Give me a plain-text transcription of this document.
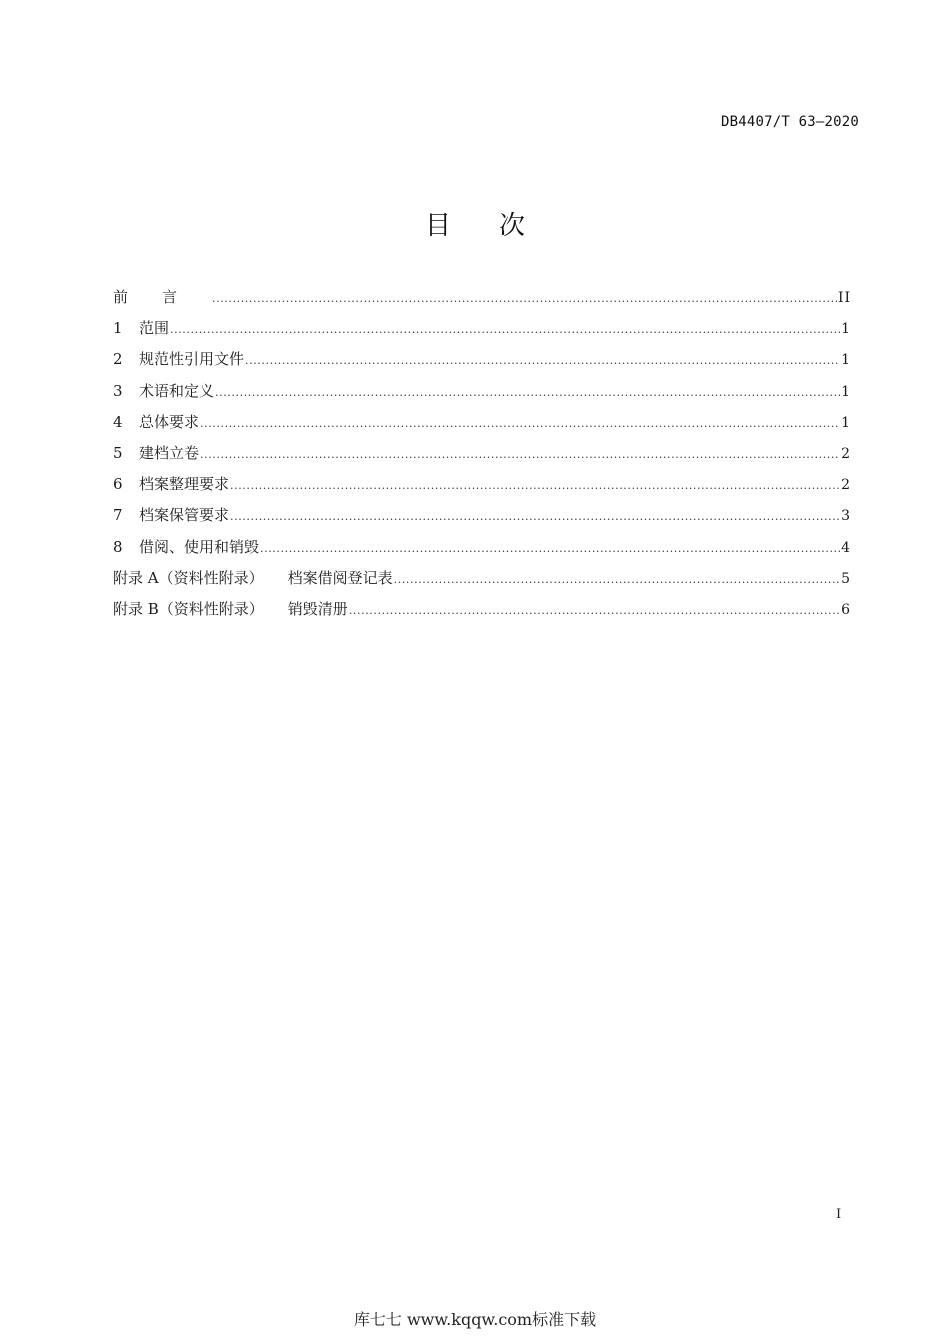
DB4407/T 63—2020
目次
前言 .....	II
1	范围 .....	1
2	规范性引用文件 .....	1
3	术语和定义 .....	1
4	总体要求 .....	1
5	建档立卷 .....	2
6	档案整理要求 .....	2
7	档案保管要求 .....	3
8	借阅、使用和销毁 .....	4
附录 A（资料性附录） 档案借阅登记表 .....	5
附录 B（资料性附录） 销毁清册 .....	6
I
库七七 www.kqqw.com标准下载
